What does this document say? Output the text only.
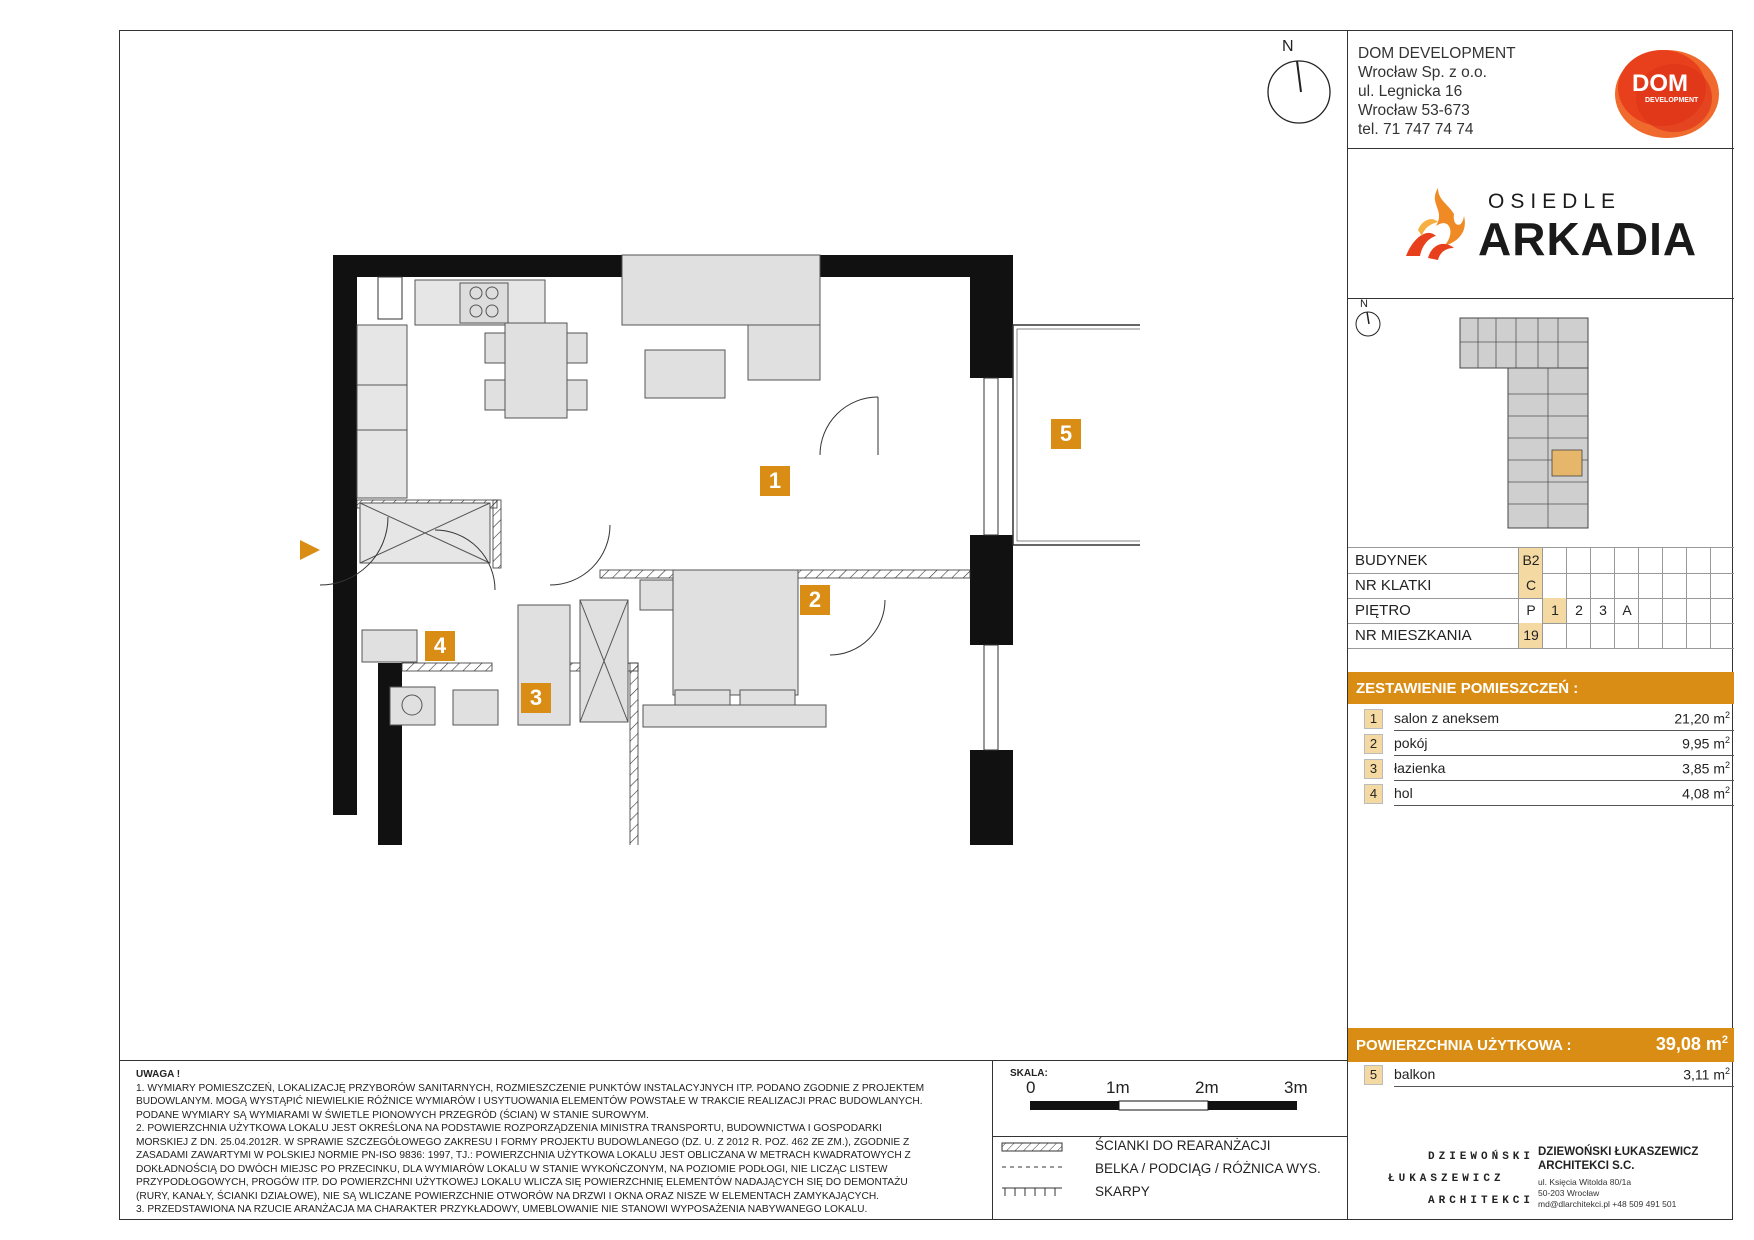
N	DOM DEVELOPMENT
Wrocław Sp. z o.o.
ul. Legnicka 16
Wrocław 53-673
tel. 71 747 74 74
DOM
DEVELOPMENT
OSIEDLE
ARKADIA
N
BUDYNEK	B2
NR KLATKI	C
PIĘTRO	P	1	2	3	A
NR MIESZKANIA	19
ZESTAWIENIE POMIESZCZEŃ :
1	salon z aneksem	21,20 $m^2$
2	pokój	9,95 $m^2$
3	łazienka	3,85 $m^2$
4	hol	4,08 $m^2$
POWIERZCHNIA UŻYTKOWA :	39,08 $m^2$
5	balkon	3,11 $m^2$
1
2
3
4
5
UWAGA !
1. WYMIARY POMIESZCZEŃ, LOKALIZACJĘ PRZYBORÓW SANITARNYCH, ROZMIESZCZENIE PUNKTÓW INSTALACYJNYCH ITP. PODANO ZGODNIE Z PROJEKTEM
BUDOWLANYM. MOGĄ WYSTĄPIĆ NIEWIELKIE RÓŻNICE WYMIARÓW I USYTUOWANIA ELEMENTÓW POWSTAŁE W TRAKCIE REALIZACJI PRAC BUDOWLANYCH.
PODANE WYMIARY SĄ WYMIARAMI W ŚWIETLE PIONOWYCH PRZEGRÓD (ŚCIAN) W STANIE SUROWYM.
2. POWIERZCHNIA UŻYTKOWA LOKALU JEST OKREŚLONA NA PODSTAWIE ROZPORZĄDZENIA MINISTRA TRANSPORTU, BUDOWNICTWA I GOSPODARKI
MORSKIEJ Z DN. 25.04.2012R. W SPRAWIE SZCZEGÓŁOWEGO ZAKRESU I FORMY PROJEKTU BUDOWLANEGO (DZ. U. Z 2012 R. POZ. 462 ZE ZM.), ZGODNIE Z
ZASADAMI ZAWARTYMI W POLSKIEJ NORMIE PN-ISO 9836: 1997, TJ.: POWIERZCHNIA UŻYTKOWA LOKALU JEST OBLICZANA W METRACH KWADRATOWYCH Z
DOKŁADNOŚCIĄ DO DWÓCH MIEJSC PO PRZECINKU, DLA WYMIARÓW LOKALU W STANIE WYKOŃCZONYM, NA POZIOMIE PODŁOGI, NIE LICZĄC LISTEW
PRZYPODŁOGOWYCH, PROGÓW ITP. DO POWIERZCHNI UŻYTKOWEJ LOKALU WLICZA SIĘ POWIERZCHNIĘ ELEMENTÓW NADAJĄCYCH SIĘ DO DEMONTAŻU
(RURY, KANAŁY, ŚCIANKI DZIAŁOWE), NIE SĄ WLICZANE POWIERZCHNIE OTWORÓW NA DRZWI I OKNA ORAZ NISZE W ELEMENTACH ZAMYKAJĄCYCH.
3. PRZEDSTAWIONA NA RZUCIE ARANŻACJA MA CHARAKTER PRZYKŁADOWY, UMEBLOWANIE NIE STANOWI WYPOSAŻENIA NABYWANEGO LOKALU.
SKALA:
0	1m	2m	3m
ŚCIANKI DO REARANŻACJI
BELKA / PODCIĄG / RÓŻNICA WYS.
SKARPY
DZIEWOŃSKI
ŁUKASZEWICZ
ARCHITEKCI
DZIEWOŃSKI ŁUKASZEWICZ
ARCHITEKCI S.C.
ul. Księcia Witolda 80/1a
50-203 Wrocław
md@dlarchitekci.pl +48 509 491 501
